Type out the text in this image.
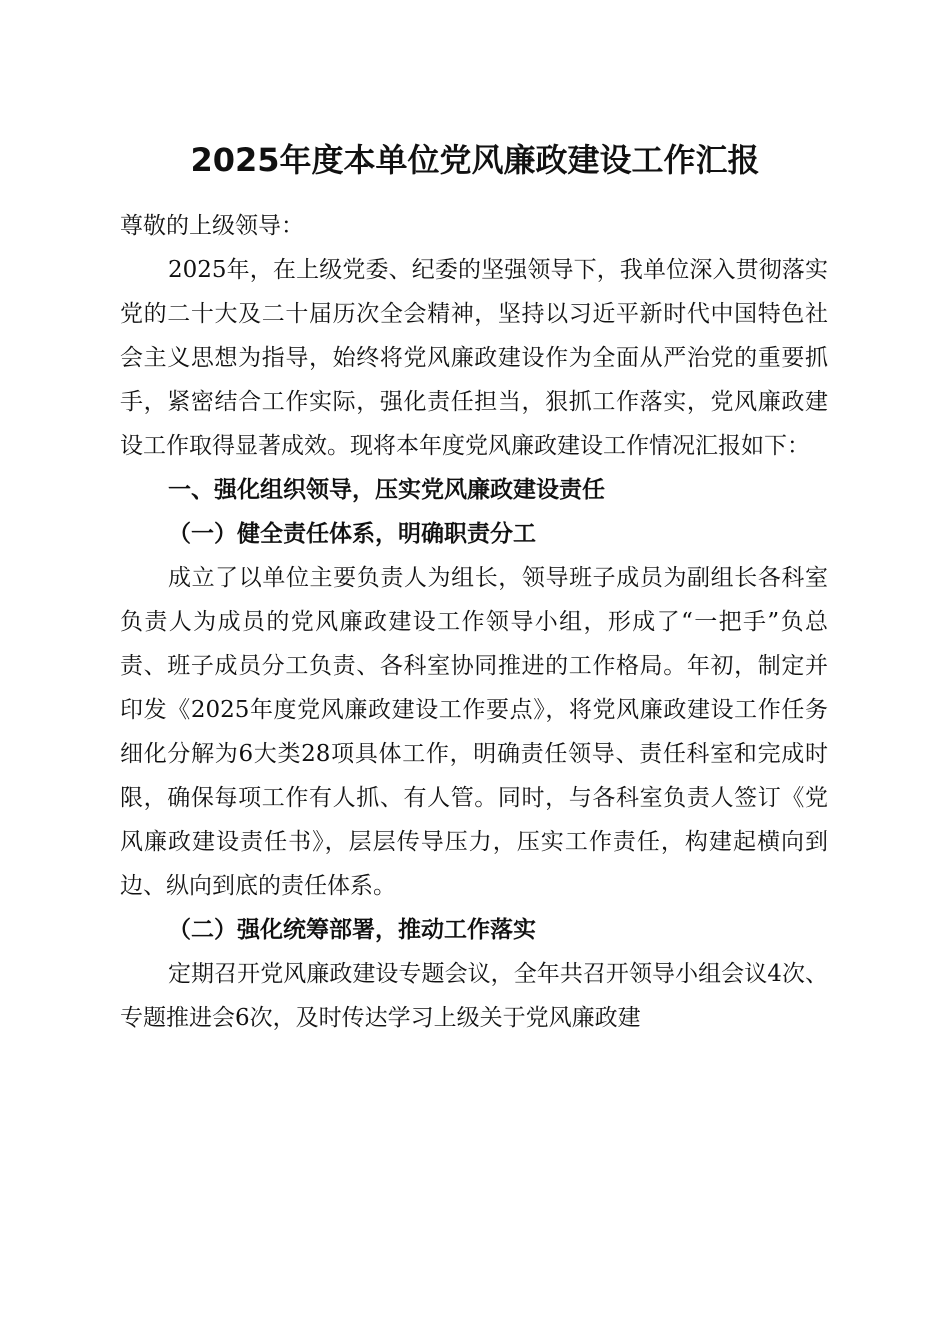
2025年度本单位党风廉政建设工作汇报

尊敬的上级领导：

2025年，在上级党委、纪委的坚强领导下，我单位深入贯彻落实党的二十大及二十届历次全会精神，坚持以习近平新时代中国特色社会主义思想为指导，始终将党风廉政建设作为全面从严治党的重要抓手，紧密结合工作实际，强化责任担当，狠抓工作落实，党风廉政建设工作取得显著成效。现将本年度党风廉政建设工作情况汇报如下：

一、强化组织领导，压实党风廉政建设责任

（一）健全责任体系，明确职责分工

成立了以单位主要负责人为组长，领导班子成员为副组长各科室负责人为成员的党风廉政建设工作领导小组，形成了“一把手”负总责、班子成员分工负责、各科室协同推进的工作格局。年初，制定并印发《2025年度党风廉政建设工作要点》，将党风廉政建设工作任务细化分解为6大类28项具体工作，明确责任领导、责任科室和完成时限，确保每项工作有人抓、有人管。同时，与各科室负责人签订《党风廉政建设责任书》，层层传导压力，压实工作责任，构建起横向到边、纵向到底的责任体系。

（二）强化统筹部署，推动工作落实

定期召开党风廉政建设专题会议，全年共召开领导小组会议4次、专题推进会6次，及时传达学习上级关于党风廉政建
